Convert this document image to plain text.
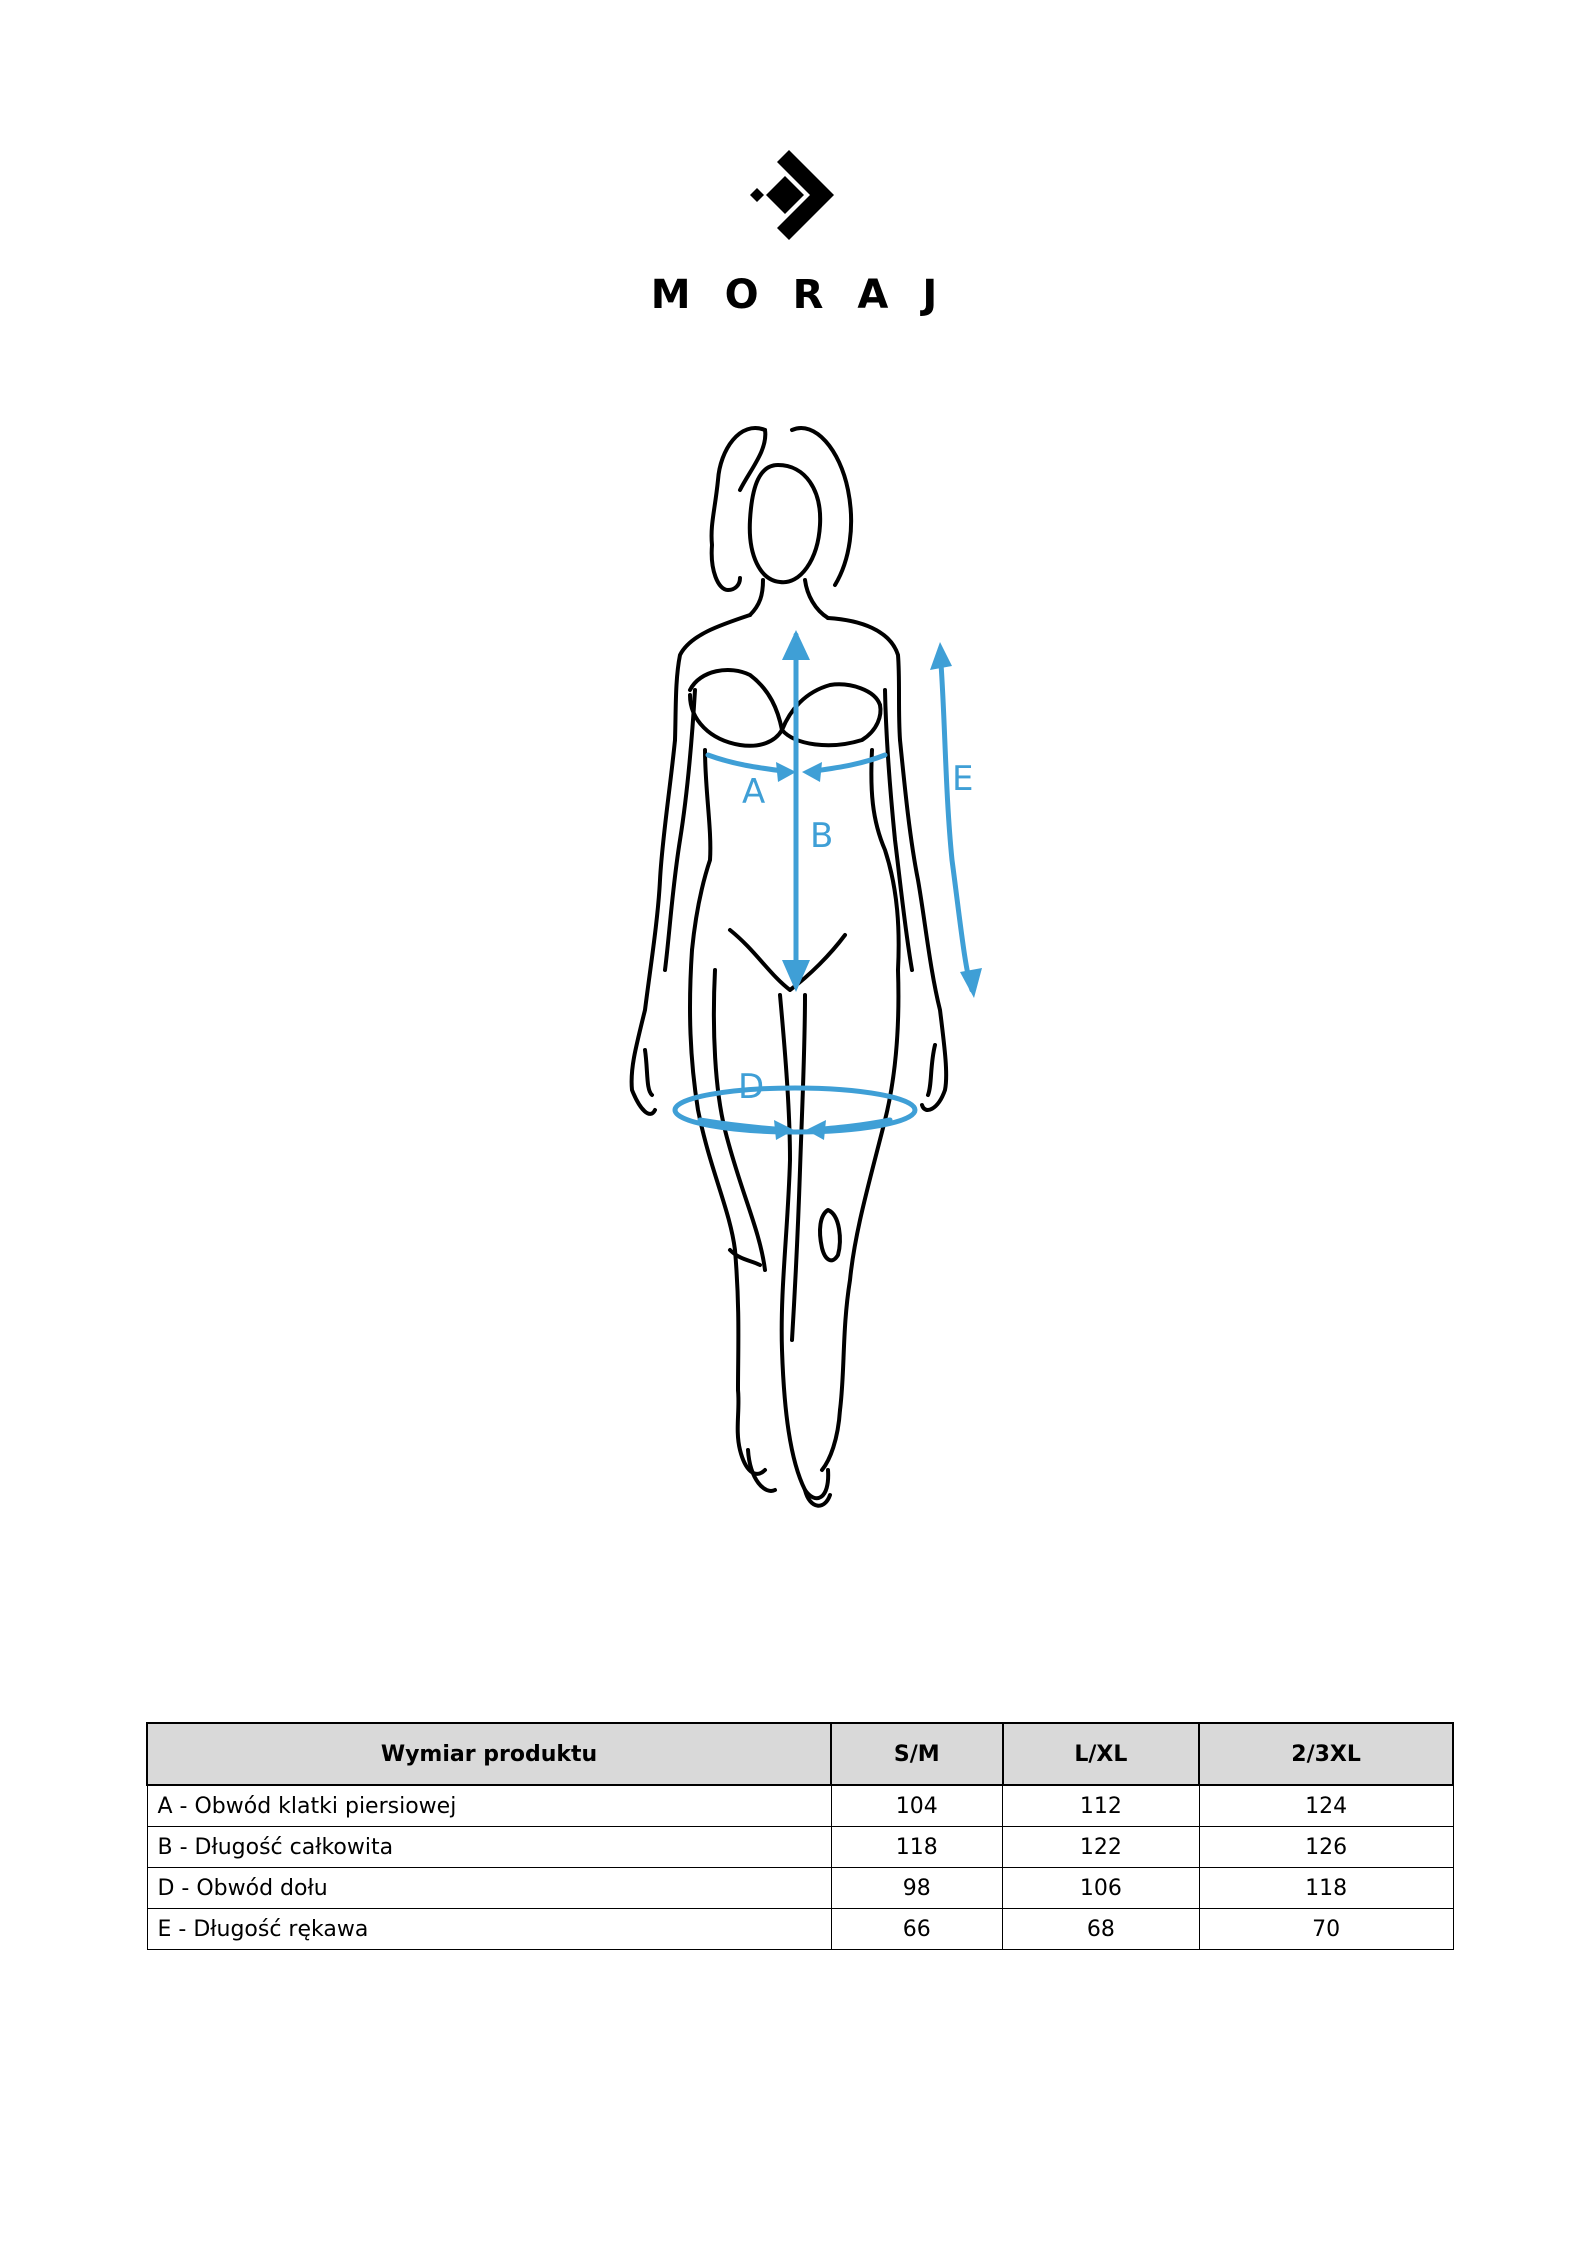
MORAJ
A
B
E
D
Wymiar produktu	S/M	L/XL	2/3XL
A - Obwód klatki piersiowej	104	112	124
B - Długość całkowita	118	122	126
D - Obwód dołu	98	106	118
E - Długość rękawa	66	68	70
